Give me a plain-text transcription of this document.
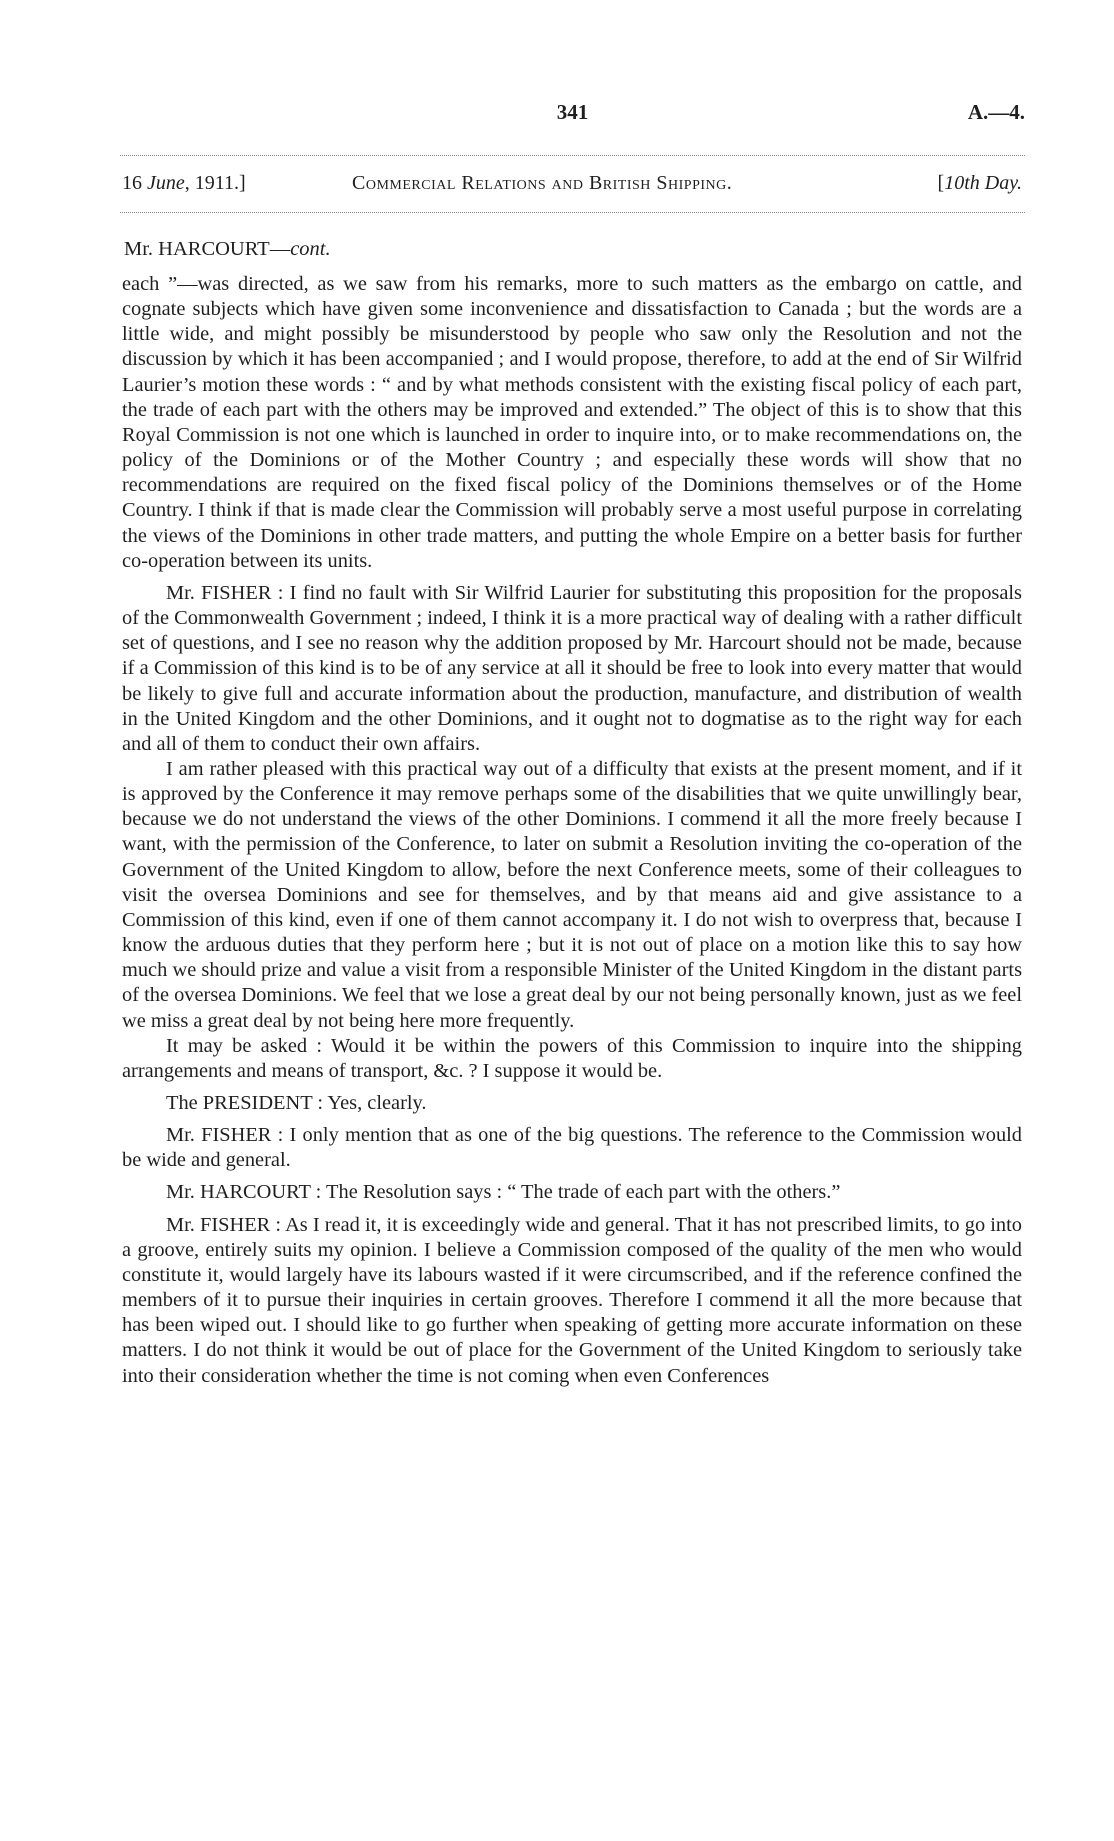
341	A.—4.
16 June, 1911.]	Commercial Relations and British Shipping.	[10th Day.
Mr. HARCOURT—cont.

each ”—was directed, as we saw from his remarks, more to such matters as the embargo on cattle, and cognate subjects which have given some inconvenience and dissatisfaction to Canada ; but the words are a little wide, and might possibly be misunderstood by people who saw only the Resolution and not the discussion by which it has been accompanied ; and I would propose, therefore, to add at the end of Sir Wilfrid Laurier’s motion these words : “ and by what methods consistent with the existing fiscal policy of each part, the trade of each part with the others may be improved and extended.” The object of this is to show that this Royal Commission is not one which is launched in order to inquire into, or to make recommendations on, the policy of the Dominions or of the Mother Country ; and especially these words will show that no recommendations are required on the fixed fiscal policy of the Dominions themselves or of the Home Country. I think if that is made clear the Commission will probably serve a most useful purpose in correlating the views of the Dominions in other trade matters, and putting the whole Empire on a better basis for further co-operation between its units.

Mr. FISHER : I find no fault with Sir Wilfrid Laurier for substituting this proposition for the proposals of the Commonwealth Government ; indeed, I think it is a more practical way of dealing with a rather difficult set of questions, and I see no reason why the addition proposed by Mr. Harcourt should not be made, because if a Commission of this kind is to be of any service at all it should be free to look into every matter that would be likely to give full and accurate information about the production, manufacture, and distribution of wealth in the United Kingdom and the other Dominions, and it ought not to dogmatise as to the right way for each and all of them to conduct their own affairs.

I am rather pleased with this practical way out of a difficulty that exists at the present moment, and if it is approved by the Conference it may remove perhaps some of the disabilities that we quite unwillingly bear, because we do not understand the views of the other Dominions. I commend it all the more freely because I want, with the permission of the Conference, to later on submit a Resolution inviting the co-operation of the Government of the United Kingdom to allow, before the next Conference meets, some of their colleagues to visit the oversea Dominions and see for themselves, and by that means aid and give assistance to a Commission of this kind, even if one of them cannot accompany it. I do not wish to overpress that, because I know the arduous duties that they perform here ; but it is not out of place on a motion like this to say how much we should prize and value a visit from a responsible Minister of the United Kingdom in the distant parts of the oversea Dominions. We feel that we lose a great deal by our not being personally known, just as we feel we miss a great deal by not being here more frequently.

It may be asked : Would it be within the powers of this Commission to inquire into the shipping arrangements and means of transport, &c. ? I suppose it would be.

The PRESIDENT : Yes, clearly.

Mr. FISHER : I only mention that as one of the big questions. The reference to the Commission would be wide and general.

Mr. HARCOURT : The Resolution says : “ The trade of each part with the others.”

Mr. FISHER : As I read it, it is exceedingly wide and general. That it has not prescribed limits, to go into a groove, entirely suits my opinion. I believe a Commission composed of the quality of the men who would constitute it, would largely have its labours wasted if it were circumscribed, and if the reference confined the members of it to pursue their inquiries in certain grooves. Therefore I commend it all the more because that has been wiped out. I should like to go further when speaking of getting more accurate information on these matters. I do not think it would be out of place for the Government of the United Kingdom to seriously take into their consideration whether the time is not coming when even Conferences
